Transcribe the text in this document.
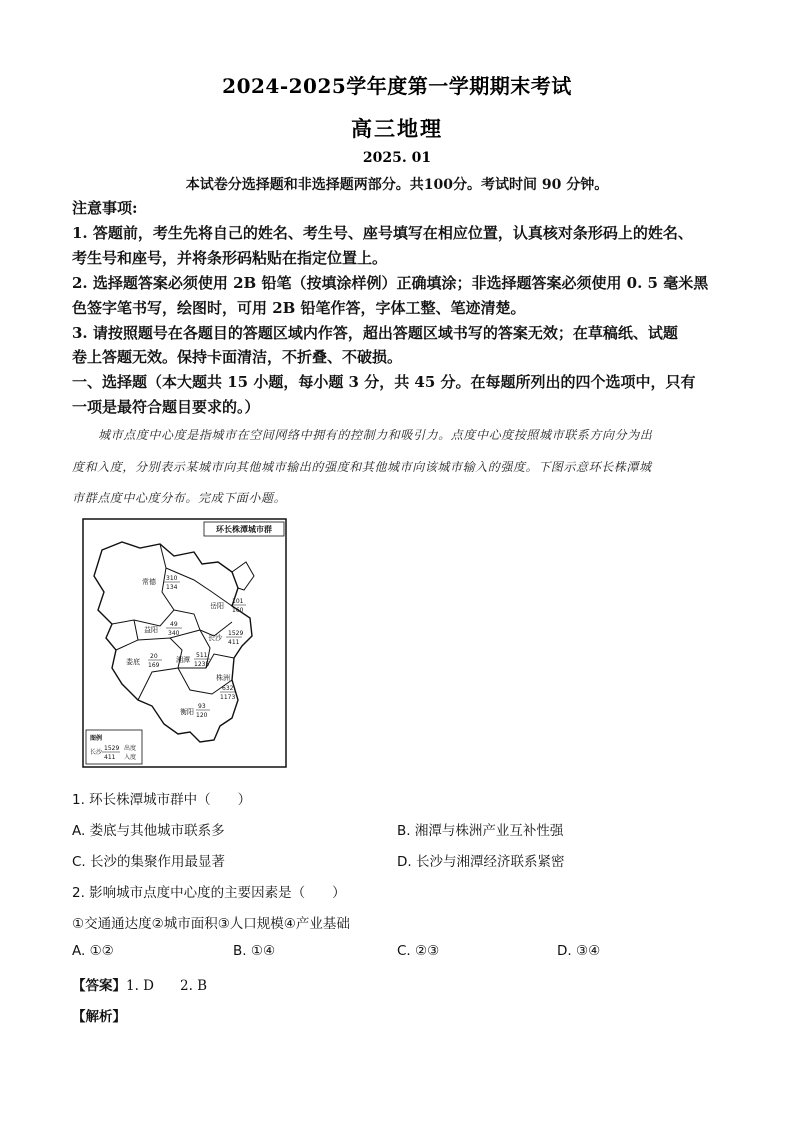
2024-2025学年度第一学期期末考试
高三地理
2025. 01
本试卷分选择题和非选择题两部分。共100分。考试时间 90 分钟。
注意事项:
1. 答题前，考生先将自己的姓名、考生号、座号填写在相应位置，认真核对条形码上的姓名、
考生号和座号，并将条形码粘贴在指定位置上。
2. 选择题答案必须使用 2B 铅笔（按填涂样例）正确填涂；非选择题答案必须使用 0. 5 毫米黑
色签字笔书写，绘图时，可用 2B 铅笔作答，字体工整、笔迹清楚。
3. 请按照题号在各题目的答题区域内作答，超出答题区域书写的答案无效；在草稿纸、试题
卷上答题无效。保持卡面清洁，不折叠、不破损。
一、选择题（本大题共 15 小题，每小题 3 分，共 45 分。在每题所列出的四个选项中，只有
一项是最符合题目要求的。）
城市点度中心度是指城市在空间网络中拥有的控制力和吸引力。点度中心度按照城市联系方向分为出
度和入度，分别表示某城市向其他城市输出的强度和其他城市向该城市输入的强度。下图示意环长株潭城
市群点度中心度分布。完成下面小题。
环长株潭城市群
常德 310
134
岳阳
101
160
益阳
49
340
长沙
1529
411
娄底
20
169
湘潭
511
1235
株洲
632
1173
衡阳
93
120
图例
长沙
1529
411
出度
入度
1. 环长株潭城市群中（　　）
A. 娄底与其他城市联系多	B. 湘潭与株洲产业互补性强
C. 长沙的集聚作用最显著	D. 长沙与湘潭经济联系紧密
2. 影响城市点度中心度的主要因素是（　　）
①交通通达度②城市面积③人口规模④产业基础
A. ①②	B. ①④	C. ②③	D. ③④
【答案】1. D 2. B
【解析】
